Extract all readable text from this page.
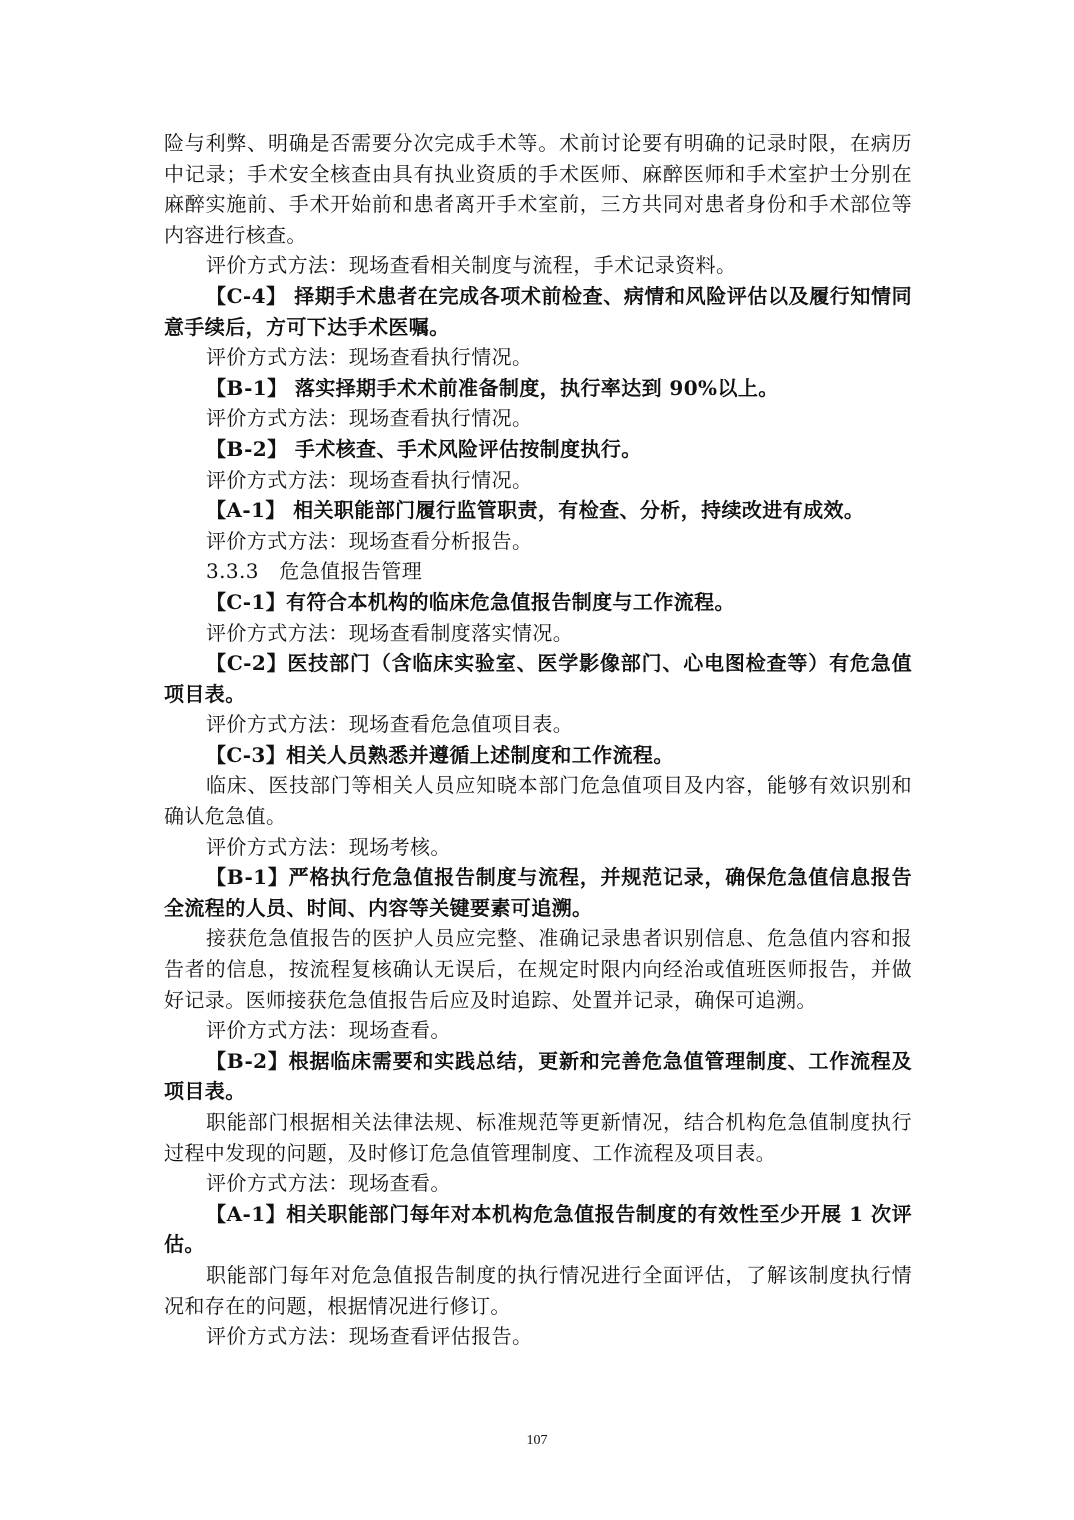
险与利弊、明确是否需要分次完成手术等。术前讨论要有明确的记录时限，在病历中记录；手术安全核查由具有执业资质的手术医师、麻醉医师和手术室护士分别在麻醉实施前、手术开始前和患者离开手术室前，三方共同对患者身份和手术部位等内容进行核查。

评价方式方法：现场查看相关制度与流程，手术记录资料。

【C-4】 择期手术患者在完成各项术前检查、病情和风险评估以及履行知情同意手续后，方可下达手术医嘱。

评价方式方法：现场查看执行情况。

【B-1】 落实择期手术术前准备制度，执行率达到 90%以上。

评价方式方法：现场查看执行情况。

【B-2】 手术核查、手术风险评估按制度执行。

评价方式方法：现场查看执行情况。

【A-1】 相关职能部门履行监管职责，有检查、分析，持续改进有成效。

评价方式方法：现场查看分析报告。

3.3.3　危急值报告管理

【C-1】有符合本机构的临床危急值报告制度与工作流程。

评价方式方法：现场查看制度落实情况。

【C-2】医技部门（含临床实验室、医学影像部门、心电图检查等）有危急值项目表。

评价方式方法：现场查看危急值项目表。

【C-3】相关人员熟悉并遵循上述制度和工作流程。

临床、医技部门等相关人员应知晓本部门危急值项目及内容，能够有效识别和确认危急值。

评价方式方法：现场考核。

【B-1】严格执行危急值报告制度与流程，并规范记录，确保危急值信息报告全流程的人员、时间、内容等关键要素可追溯。

接获危急值报告的医护人员应完整、准确记录患者识别信息、危急值内容和报告者的信息，按流程复核确认无误后，在规定时限内向经治或值班医师报告，并做好记录。医师接获危急值报告后应及时追踪、处置并记录，确保可追溯。

评价方式方法：现场查看。

【B-2】根据临床需要和实践总结，更新和完善危急值管理制度、工作流程及项目表。

职能部门根据相关法律法规、标准规范等更新情况，结合机构危急值制度执行过程中发现的问题，及时修订危急值管理制度、工作流程及项目表。

评价方式方法：现场查看。

【A-1】相关职能部门每年对本机构危急值报告制度的有效性至少开展 1 次评估。

职能部门每年对危急值报告制度的执行情况进行全面评估，了解该制度执行情况和存在的问题，根据情况进行修订。

评价方式方法：现场查看评估报告。

107
